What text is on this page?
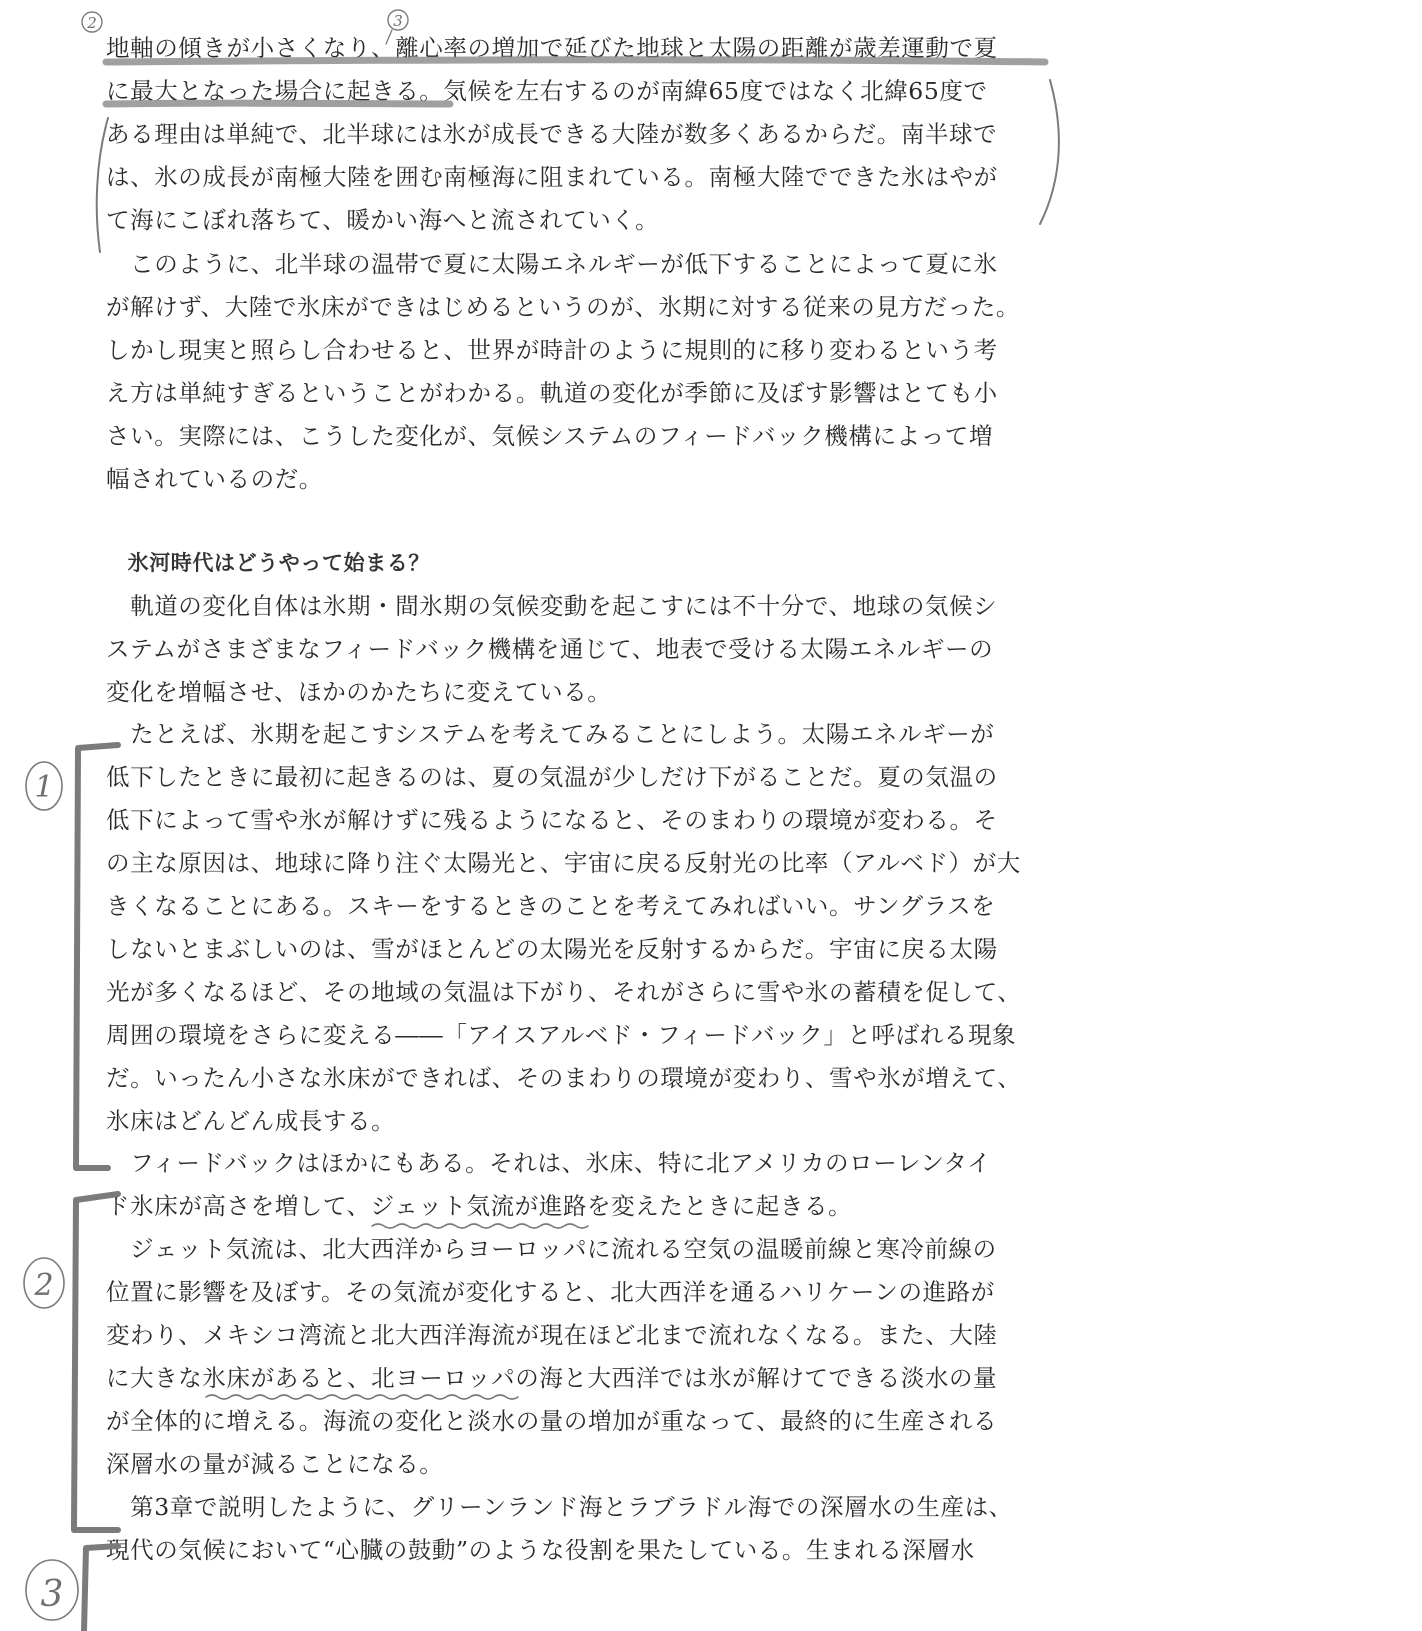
地軸の傾きが小さくなり、離心率の増加で延びた地球と太陽の距離が歳差運動で夏
に最大となった場合に起きる。気候を左右するのが南緯65度ではなく北緯65度で
ある理由は単純で、北半球には氷が成長できる大陸が数多くあるからだ。南半球で
は、氷の成長が南極大陸を囲む南極海に阻まれている。南極大陸でできた氷はやが
て海にこぼれ落ちて、暖かい海へと流されていく。
　このように、北半球の温帯で夏に太陽エネルギーが低下することによって夏に氷
が解けず、大陸で氷床ができはじめるというのが、氷期に対する従来の見方だった。
しかし現実と照らし合わせると、世界が時計のように規則的に移り変わるという考
え方は単純すぎるということがわかる。軌道の変化が季節に及ぼす影響はとても小
さい。実際には、こうした変化が、気候システムのフィードバック機構によって増
幅されているのだ。
　氷河時代はどうやって始まる？
　軌道の変化自体は氷期・間氷期の気候変動を起こすには不十分で、地球の気候シ
ステムがさまざまなフィードバック機構を通じて、地表で受ける太陽エネルギーの
変化を増幅させ、ほかのかたちに変えている。
　たとえば、氷期を起こすシステムを考えてみることにしよう。太陽エネルギーが
低下したときに最初に起きるのは、夏の気温が少しだけ下がることだ。夏の気温の
低下によって雪や氷が解けずに残るようになると、そのまわりの環境が変わる。そ
の主な原因は、地球に降り注ぐ太陽光と、宇宙に戻る反射光の比率（アルベド）が大
きくなることにある。スキーをするときのことを考えてみればいい。サングラスを
しないとまぶしいのは、雪がほとんどの太陽光を反射するからだ。宇宙に戻る太陽
光が多くなるほど、その地域の気温は下がり、それがさらに雪や氷の蓄積を促して、
周囲の環境をさらに変える――「アイスアルベド・フィードバック」と呼ばれる現象
だ。いったん小さな氷床ができれば、そのまわりの環境が変わり、雪や氷が増えて、
氷床はどんどん成長する。
　フィードバックはほかにもある。それは、氷床、特に北アメリカのローレンタイ
ド氷床が高さを増して、ジェット気流が進路を変えたときに起きる。
　ジェット気流は、北大西洋からヨーロッパに流れる空気の温暖前線と寒冷前線の
位置に影響を及ぼす。その気流が変化すると、北大西洋を通るハリケーンの進路が
変わり、メキシコ湾流と北大西洋海流が現在ほど北まで流れなくなる。また、大陸
に大きな氷床があると、北ヨーロッパの海と大西洋では氷が解けてできる淡水の量
が全体的に増える。海流の変化と淡水の量の増加が重なって、最終的に生産される
深層水の量が減ることになる。
　第3章で説明したように、グリーンランド海とラブラドル海での深層水の生産は、
現代の気候において“心臓の鼓動”のような役割を果たしている。生まれる深層水
2	3
1
2
3
